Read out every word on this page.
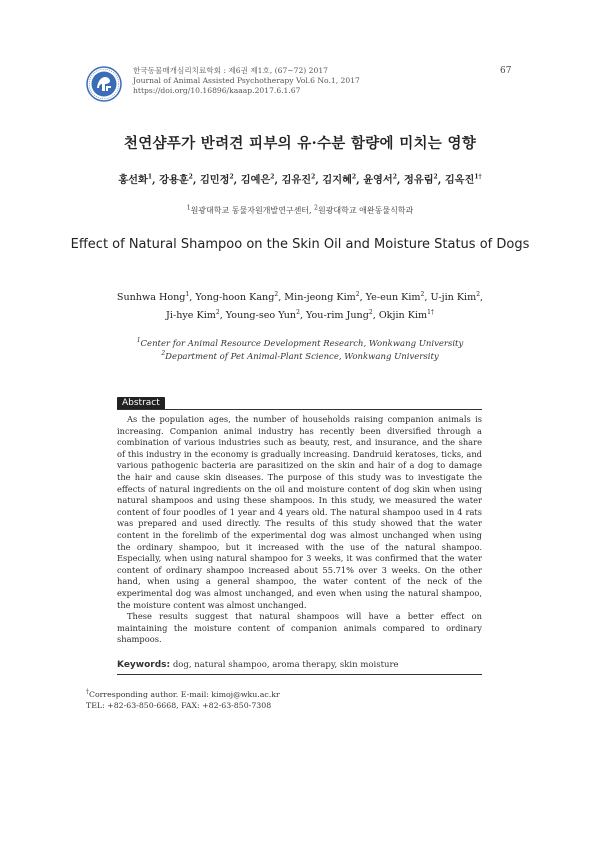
한국동물매개심리치료학회 : 제6권 제1호, (67~72) 2017
Journal of Animal Assisted Psychotherapy Vol.6 No.1, 2017
https://doi.org/10.16896/kaaap.2017.6.1.67
67
천연샴푸가 반려견 피부의 유·수분 함량에 미치는 영향
홍선화$^1$, 강용훈$^2$, 김민정$^2$, 김예은$^2$, 김유진$^2$, 김지혜$^2$, 윤영서$^2$, 정유림$^2$, 김옥진$^{1\dagger}$
$^1$원광대학교 동물자원개발연구센터, $^2$원광대학교 애완동물식학과
Effect of Natural Shampoo on the Skin Oil and Moisture Status of Dogs
Sunhwa Hong$^1$, Yong-hoon Kang$^2$, Min-jeong Kim$^2$, Ye-eun Kim$^2$, U-jin Kim$^2$,
Ji-hye Kim$^2$, Young-seo Yun$^2$, You-rim Jung$^2$, Okjin Kim$^{1\dagger}$
$^1$Center for Animal Resource Development Research, Wonkwang University
$^2$Department of Pet Animal-Plant Science, Wonkwang University
Abstract

As the population ages, the number of households raising companion animals is increasing. Companion animal industry has recently been diversified through a combination of various industries such as beauty, rest, and insurance, and the share of this industry in the economy is gradually increasing. Dandruid keratoses, ticks, and various pathogenic bacteria are parasitized on the skin and hair of a dog to damage the hair and cause skin diseases. The purpose of this study was to investigate the effects of natural ingredients on the oil and moisture content of dog skin when using natural shampoos and using these shampoos. In this study, we measured the water content of four poodles of 1 year and 4 years old. The natural shampoo used in 4 rats was prepared and used directly. The results of this study showed that the water content in the forelimb of the experimental dog was almost unchanged when using the ordinary shampoo, but it increased with the use of the natural shampoo. Especially, when using natural shampoo for 3 weeks, it was confirmed that the water content of ordinary shampoo increased about 55.71% over 3 weeks. On the other hand, when using a general shampoo, the water content of the neck of the experimental dog was almost unchanged, and even when using the natural shampoo, the moisture content was almost unchanged.

These results suggest that natural shampoos will have a better effect on maintaining the moisture content of companion animals compared to ordinary shampoos.

Keywords: dog, natural shampoo, aroma therapy, skin moisture
†Corresponding author. E-mail: kimoj@wku.ac.kr
TEL: +82-63-850-6668, FAX: +82-63-850-7308
